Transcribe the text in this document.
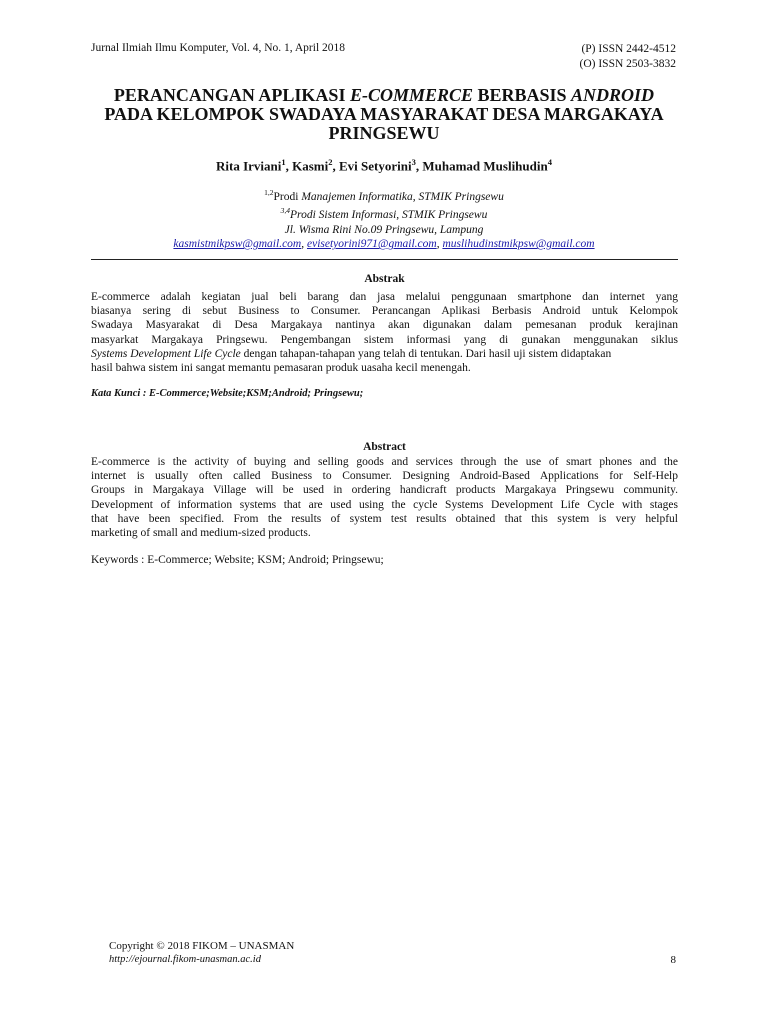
Jurnal Ilmiah Ilmu Komputer, Vol. 4, No. 1, April 2018	(P) ISSN 2442-4512
(O) ISSN 2503-3832
PERANCANGAN APLIKASI E-COMMERCE BERBASIS ANDROID
PADA KELOMPOK SWADAYA MASYARAKAT DESA MARGAKAYA
PRINGSEWU
Rita Irviani$^1$, Kasmi$^2$, Evi Setyorini$^3$, Muhamad Muslihudin$^4$
$^{1,2}$Prodi Manajemen Informatika, STMIK Pringsewu
$^{3,4}$Prodi Sistem Informasi, STMIK Pringsewu
Jl. Wisma Rini No.09 Pringsewu, Lampung
kasmistmikpsw@gmail.com, evisetyorini971@gmail.com, muslihudinstmikpsw@gmail.com
Abstrak
E-commerce adalah kegiatan jual beli barang dan jasa melalui penggunaan smartphone dan internet yang
biasanya sering di sebut Business to Consumer. Perancangan Aplikasi Berbasis Android untuk Kelompok
Swadaya Masyarakat di Desa Margakaya nantinya akan digunakan dalam pemesanan produk kerajinan
masyarkat Margakaya Pringsewu. Pengembangan sistem informasi yang di gunakan menggunakan siklus
Systems Development Life Cycle dengan tahapan-tahapan yang telah di tentukan. Dari hasil uji sistem didaptakan
hasil bahwa sistem ini sangat memantu pemasaran produk uasaha kecil menengah.
Kata Kunci : E-Commerce;Website;KSM;Android; Pringsewu;
Abstract
E-commerce is the activity of buying and selling goods and services through the use of smart phones and the
internet is usually often called Business to Consumer. Designing Android-Based Applications for Self-Help
Groups in Margakaya Village will be used in ordering handicraft products Margakaya Pringsewu community.
Development of information systems that are used using the cycle Systems Development Life Cycle with stages
that have been specified. From the results of system test results obtained that this system is very helpful
marketing of small and medium-sized products.
Keywords : E-Commerce; Website; KSM; Android; Pringsewu;
Copyright © 2018 FIKOM – UNASMAN
http://ejournal.fikom-unasman.ac.id	8
